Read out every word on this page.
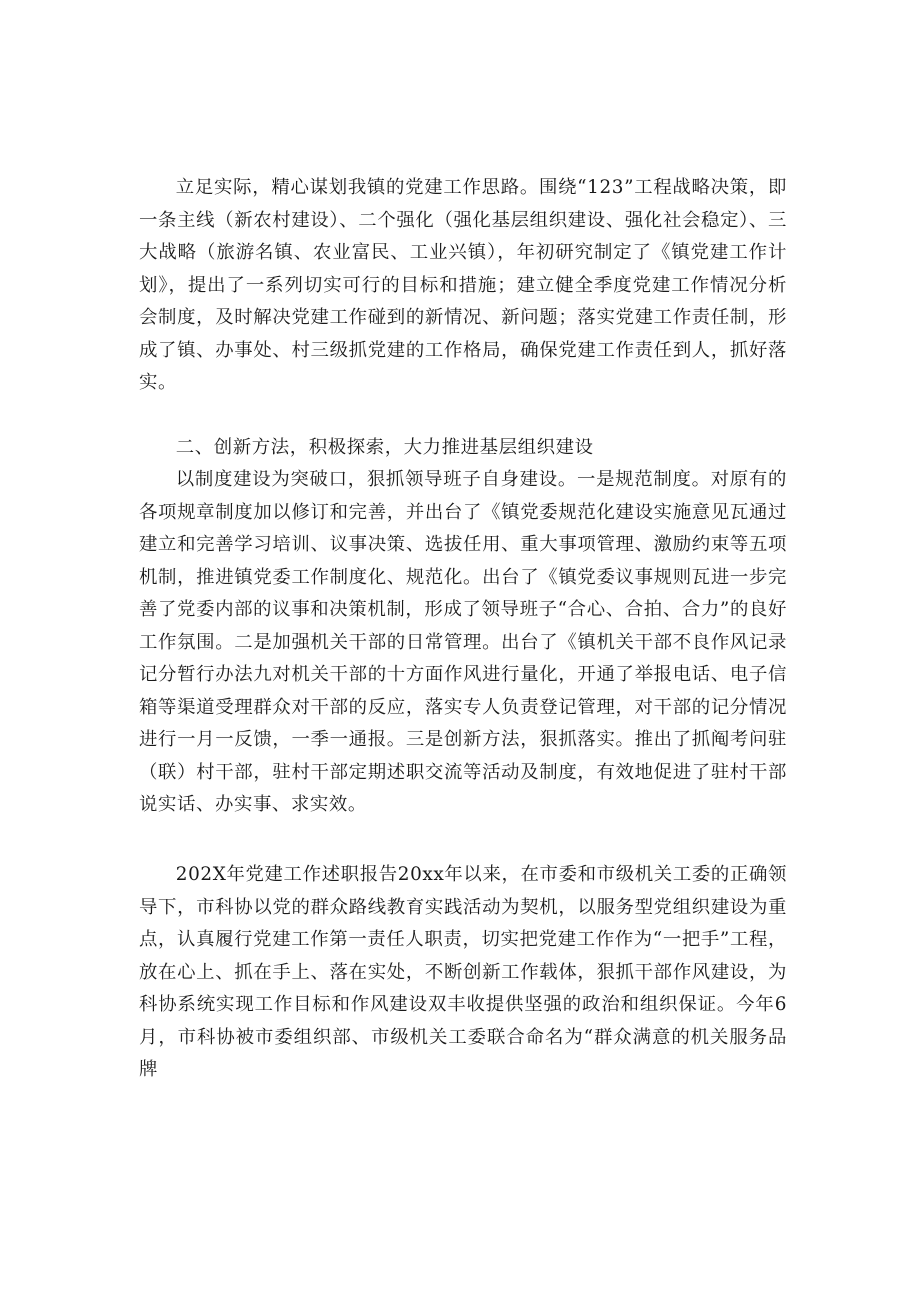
立足实际，精心谋划我镇的党建工作思路。围绕“123”工程战略决策，即一条主线（新农村建设）、二个强化（强化基层组织建设、强化社会稳定）、三大战略（旅游名镇、农业富民、工业兴镇），年初研究制定了《镇党建工作计划》，提出了一系列切实可行的目标和措施；建立健全季度党建工作情况分析会制度，及时解决党建工作碰到的新情况、新问题；落实党建工作责任制，形成了镇、办事处、村三级抓党建的工作格局，确保党建工作责任到人，抓好落实。

二、创新方法，积极探索，大力推进基层组织建设

以制度建设为突破口，狠抓领导班子自身建设。一是规范制度。对原有的各项规章制度加以修订和完善，并出台了《镇党委规范化建设实施意见瓦通过建立和完善学习培训、议事决策、选拔任用、重大事项管理、激励约束等五项机制，推进镇党委工作制度化、规范化。出台了《镇党委议事规则瓦进一步完善了党委内部的议事和决策机制，形成了领导班子“合心、合拍、合力”的良好工作氛围。二是加强机关干部的日常管理。出台了《镇机关干部不良作风记录记分暂行办法九对机关干部的十方面作风进行量化，开通了举报电话、电子信箱等渠道受理群众对干部的反应，落实专人负责登记管理，对干部的记分情况进行一月一反馈，一季一通报。三是创新方法，狠抓落实。推出了抓阄考问驻（联）村干部，驻村干部定期述职交流等活动及制度，有效地促进了驻村干部说实话、办实事、求实效。

202X年党建工作述职报告20xx年以来，在市委和市级机关工委的正确领导下，市科协以党的群众路线教育实践活动为契机，以服务型党组织建设为重点，认真履行党建工作第一责任人职责，切实把党建工作作为“一把手”工程，放在心上、抓在手上、落在实处，不断创新工作载体，狠抓干部作风建设，为科协系统实现工作目标和作风建设双丰收提供坚强的政治和组织保证。今年6月，市科协被市委组织部、市级机关工委联合命名为“群众满意的机关服务品牌
